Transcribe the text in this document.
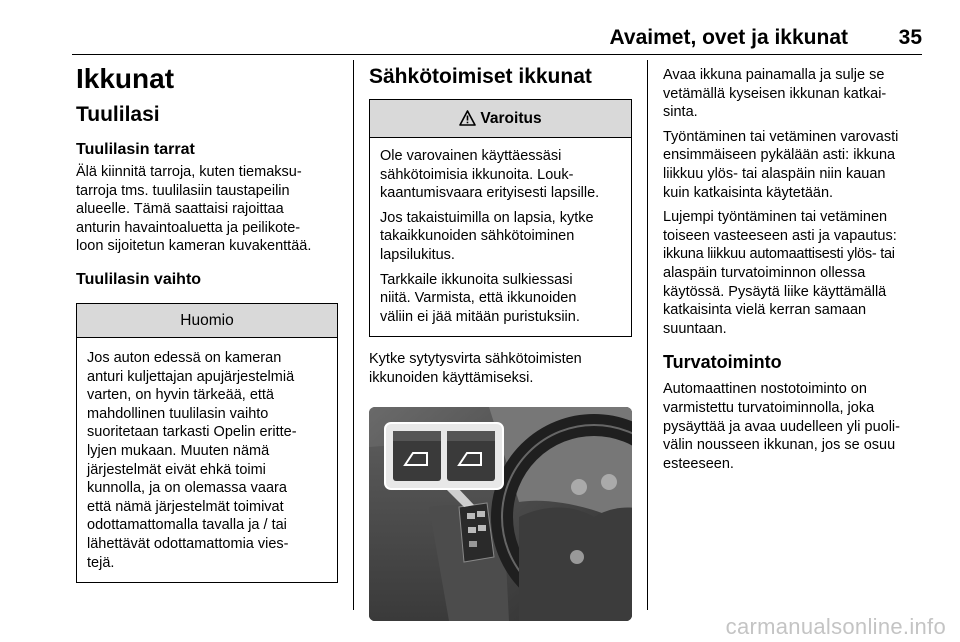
Avaimet, ovet ja ikkunat 35
Ikkunat
Tuulilasi
Tuulilasin tarrat
Älä kiinnitä tarroja, kuten tiemaksu-
tarroja tms. tuulilasiin taustapeilin
alueelle. Tämä saattaisi rajoittaa
anturin havaintoaluetta ja peilikote-
loon sijoitetun kameran kuvakenttää.
Tuulilasin vaihto
Huomio
Jos auton edessä on kameran
anturi kuljettajan apujärjestelmiä
varten, on hyvin tärkeää, että
mahdollinen tuulilasin vaihto
suoritetaan tarkasti Opelin eritte-
lyjen mukaan. Muuten nämä
järjestelmät eivät ehkä toimi
kunnolla, ja on olemassa vaara
että nämä järjestelmät toimivat
odottamattomalla tavalla ja / tai
lähettävät odottamattomia vies-
tejä.
Sähkötoimiset ikkunat
Varoitus
Ole varovainen käyttäessäsi
sähkötoimisia ikkunoita. Louk-
kaantumisvaara erityisesti lapsille.
Jos takaistuimilla on lapsia, kytke
takaikkunoiden sähkötoiminen
lapsilukitus.
Tarkkaile ikkunoita sulkiessasi
niitä. Varmista, että ikkunoiden
väliin ei jää mitään puristuksiin.
Kytke sytytysvirta sähkötoimisten
ikkunoiden käyttämiseksi.
Avaa ikkuna painamalla ja sulje se
vetämällä kyseisen ikkunan katkai-
sinta.
Työntäminen tai vetäminen varovasti
ensimmäiseen pykälään asti: ikkuna
liikkuu ylös- tai alaspäin niin kauan
kuin katkaisinta käytetään.
Lujempi työntäminen tai vetäminen
toiseen vasteeseen asti ja vapautus:
ikkuna liikkuu automaattisesti ylös- tai
alaspäin turvatoiminnon ollessa
käytössä. Pysäytä liike käyttämällä
katkaisinta vielä kerran samaan
suuntaan.
Turvatoiminto
Automaattinen nostotoiminto on
varmistettu turvatoiminnolla, joka
pysäyttää ja avaa uudelleen yli puoli-
välin nousseen ikkunan, jos se osuu
esteeseen.
carmanualsonline.info
